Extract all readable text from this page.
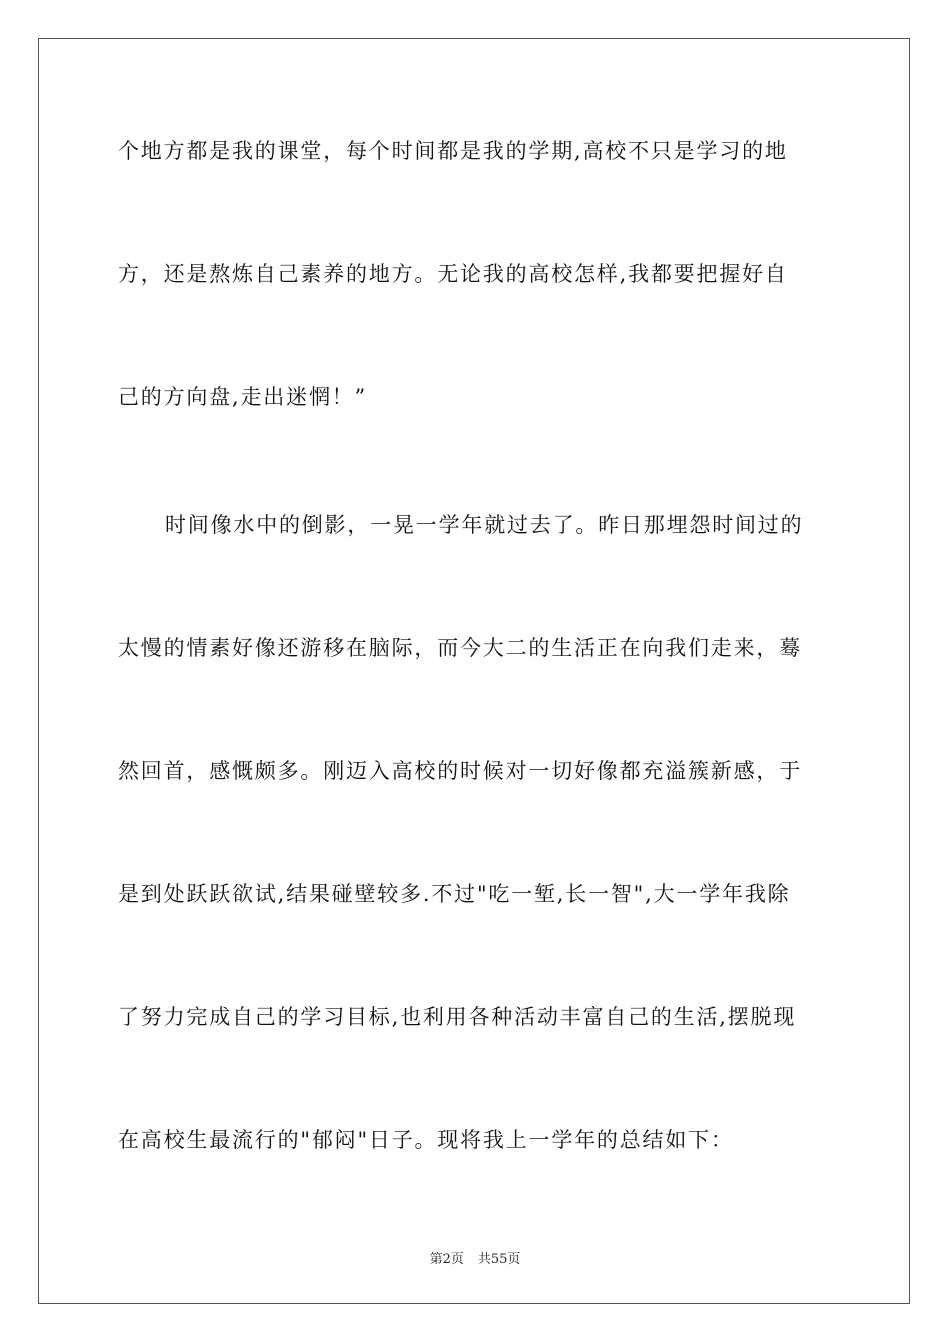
个地方都是我的课堂，每个时间都是我的学期,高校不只是学习的地
方，还是熬炼自己素养的地方。无论我的高校怎样,我都要把握好自
己的方向盘,走出迷惘！”
时间像水中的倒影，一晃一学年就过去了。昨日那埋怨时间过的
太慢的情素好像还游移在脑际，而今大二的生活正在向我们走来，蓦
然回首，感慨颇多。刚迈入高校的时候对一切好像都充溢簇新感，于
是到处跃跃欲试,结果碰壁较多.不过"吃一堑,长一智",大一学年我除
了努力完成自己的学习目标,也利用各种活动丰富自己的生活,摆脱现
在高校生最流行的"郁闷"日子。现将我上一学年的总结如下：
第2页 共55页
